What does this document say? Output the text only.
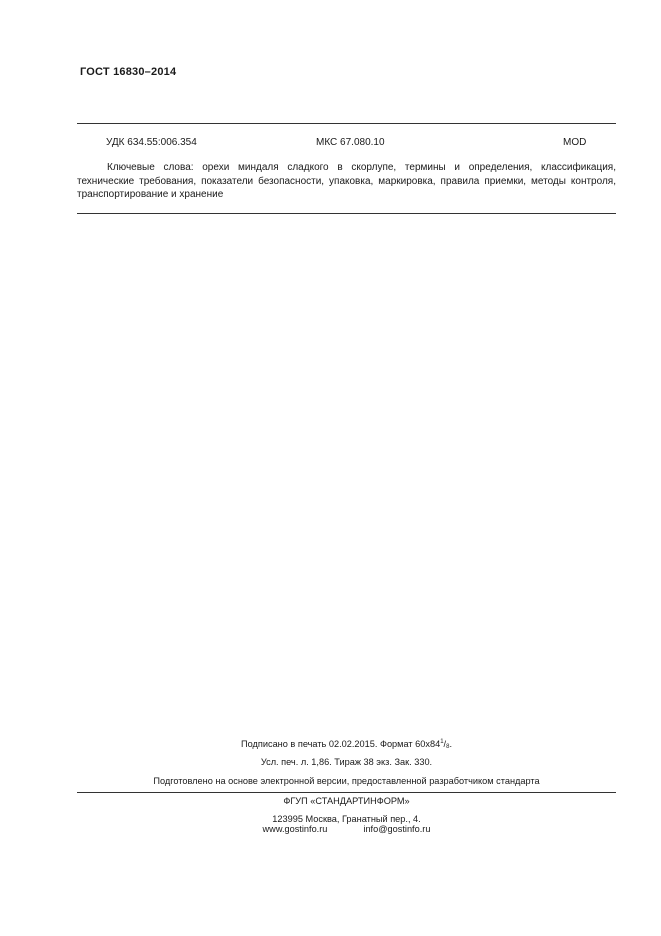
ГОСТ 16830–2014
УДК 634.55:006.354	МКС 67.080.10	MOD
Ключевые слова: орехи миндаля сладкого в скорлупе, термины и определения, классификация, технические требования, показатели безопасности, упаковка, маркировка, правила приемки, методы контроля, транспортирование и хранение
Подписано в печать 02.02.2015. Формат $60х84^1/_8$.
Усл. печ. л. 1,86. Тираж 38 экз. Зак. 330.
Подготовлено на основе электронной версии, предоставленной разработчиком стандарта
ФГУП «СТАНДАРТИНФОРМ»
123995 Москва, Гранатный пер., 4.
www.gostinfo.ru	info@gostinfo.ru
